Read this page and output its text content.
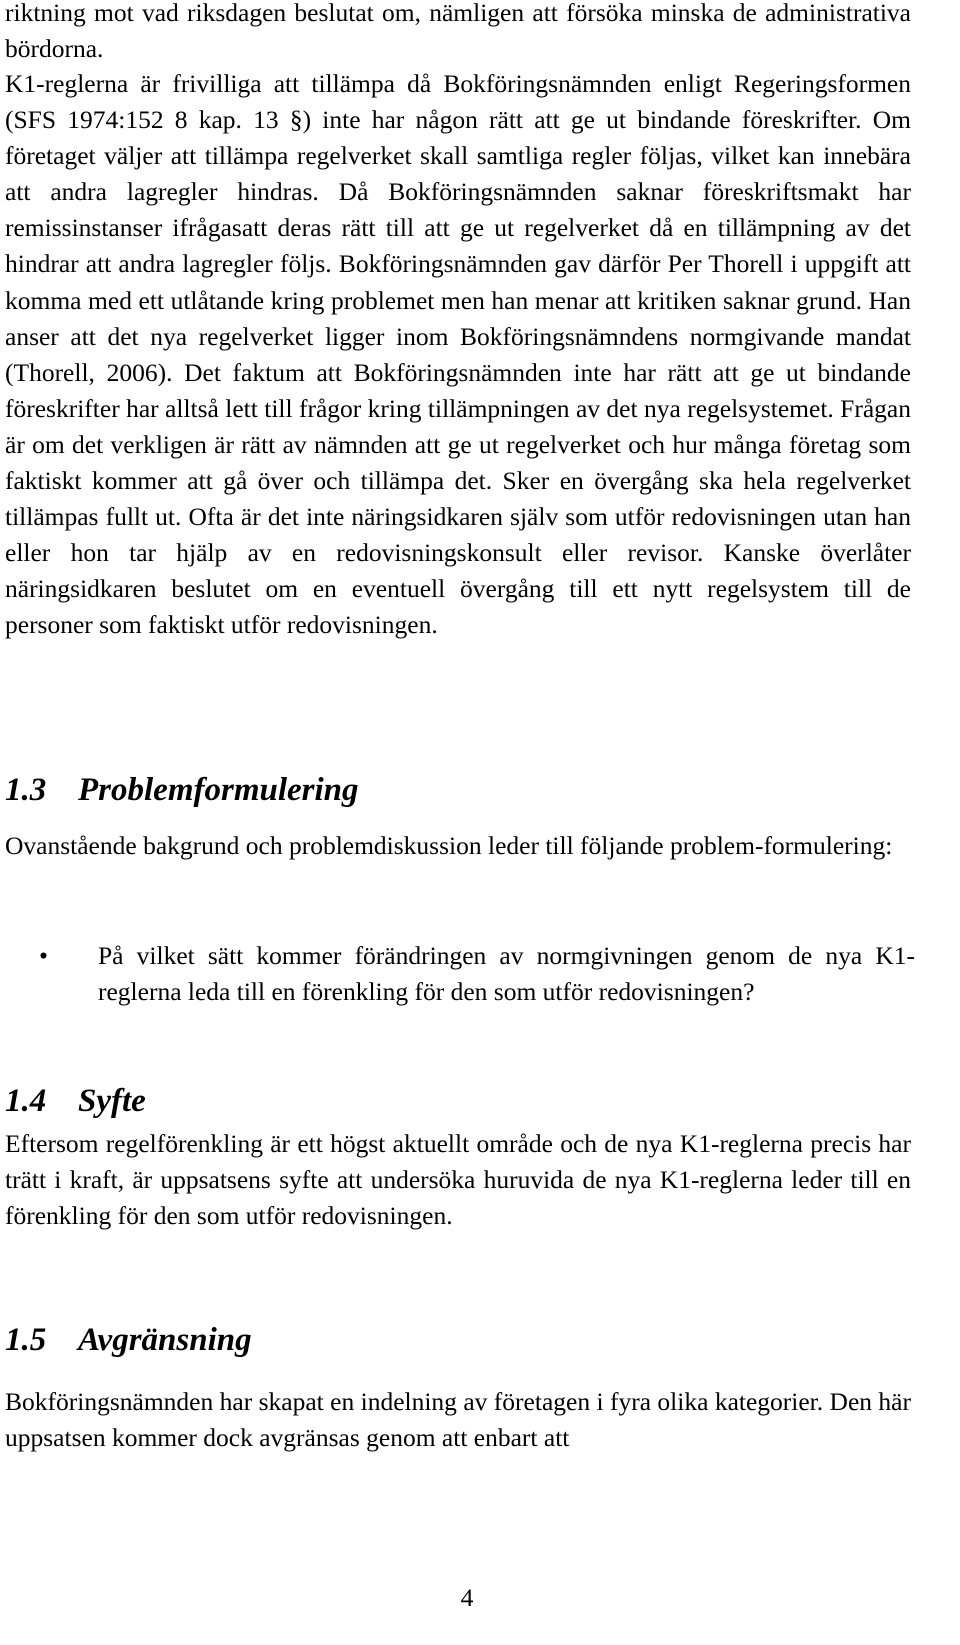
riktning mot vad riksdagen beslutat om, nämligen att försöka minska de administrativa bördorna.

K1-reglerna är frivilliga att tillämpa då Bokföringsnämnden enligt Regeringsformen (SFS 1974:152 8 kap. 13 §) inte har någon rätt att ge ut bindande föreskrifter. Om företaget väljer att tillämpa regelverket skall samtliga regler följas, vilket kan innebära att andra lagregler hindras. Då Bokföringsnämnden saknar föreskriftsmakt har remissinstanser ifrågasatt deras rätt till att ge ut regelverket då en tillämpning av det hindrar att andra lagregler följs. Bokföringsnämnden gav därför Per Thorell i uppgift att komma med ett utlåtande kring problemet men han menar att kritiken saknar grund. Han anser att det nya regelverket ligger inom Bokföringsnämndens normgivande mandat (Thorell, 2006). Det faktum att Bokföringsnämnden inte har rätt att ge ut bindande föreskrifter har alltså lett till frågor kring tillämpningen av det nya regelsystemet. Frågan är om det verkligen är rätt av nämnden att ge ut regelverket och hur många företag som faktiskt kommer att gå över och tillämpa det. Sker en övergång ska hela regelverket tillämpas fullt ut. Ofta är det inte näringsidkaren själv som utför redovisningen utan han eller hon tar hjälp av en redovisningskonsult eller revisor. Kanske överlåter näringsidkaren beslutet om en eventuell övergång till ett nytt regelsystem till de personer som faktiskt utför redovisningen.

1.3 Problemformulering

Ovanstående bakgrund och problemdiskussion leder till följande problem-formulering:

• På vilket sätt kommer förändringen av normgivningen genom de nya K1-reglerna leda till en förenkling för den som utför redovisningen?
1.4 Syfte

Eftersom regelförenkling är ett högst aktuellt område och de nya K1-reglerna precis har trätt i kraft, är uppsatsens syfte att undersöka huruvida de nya K1-reglerna leder till en förenkling för den som utför redovisningen.

1.5 Avgränsning

Bokföringsnämnden har skapat en indelning av företagen i fyra olika kategorier. Den här uppsatsen kommer dock avgränsas genom att enbart att

4
